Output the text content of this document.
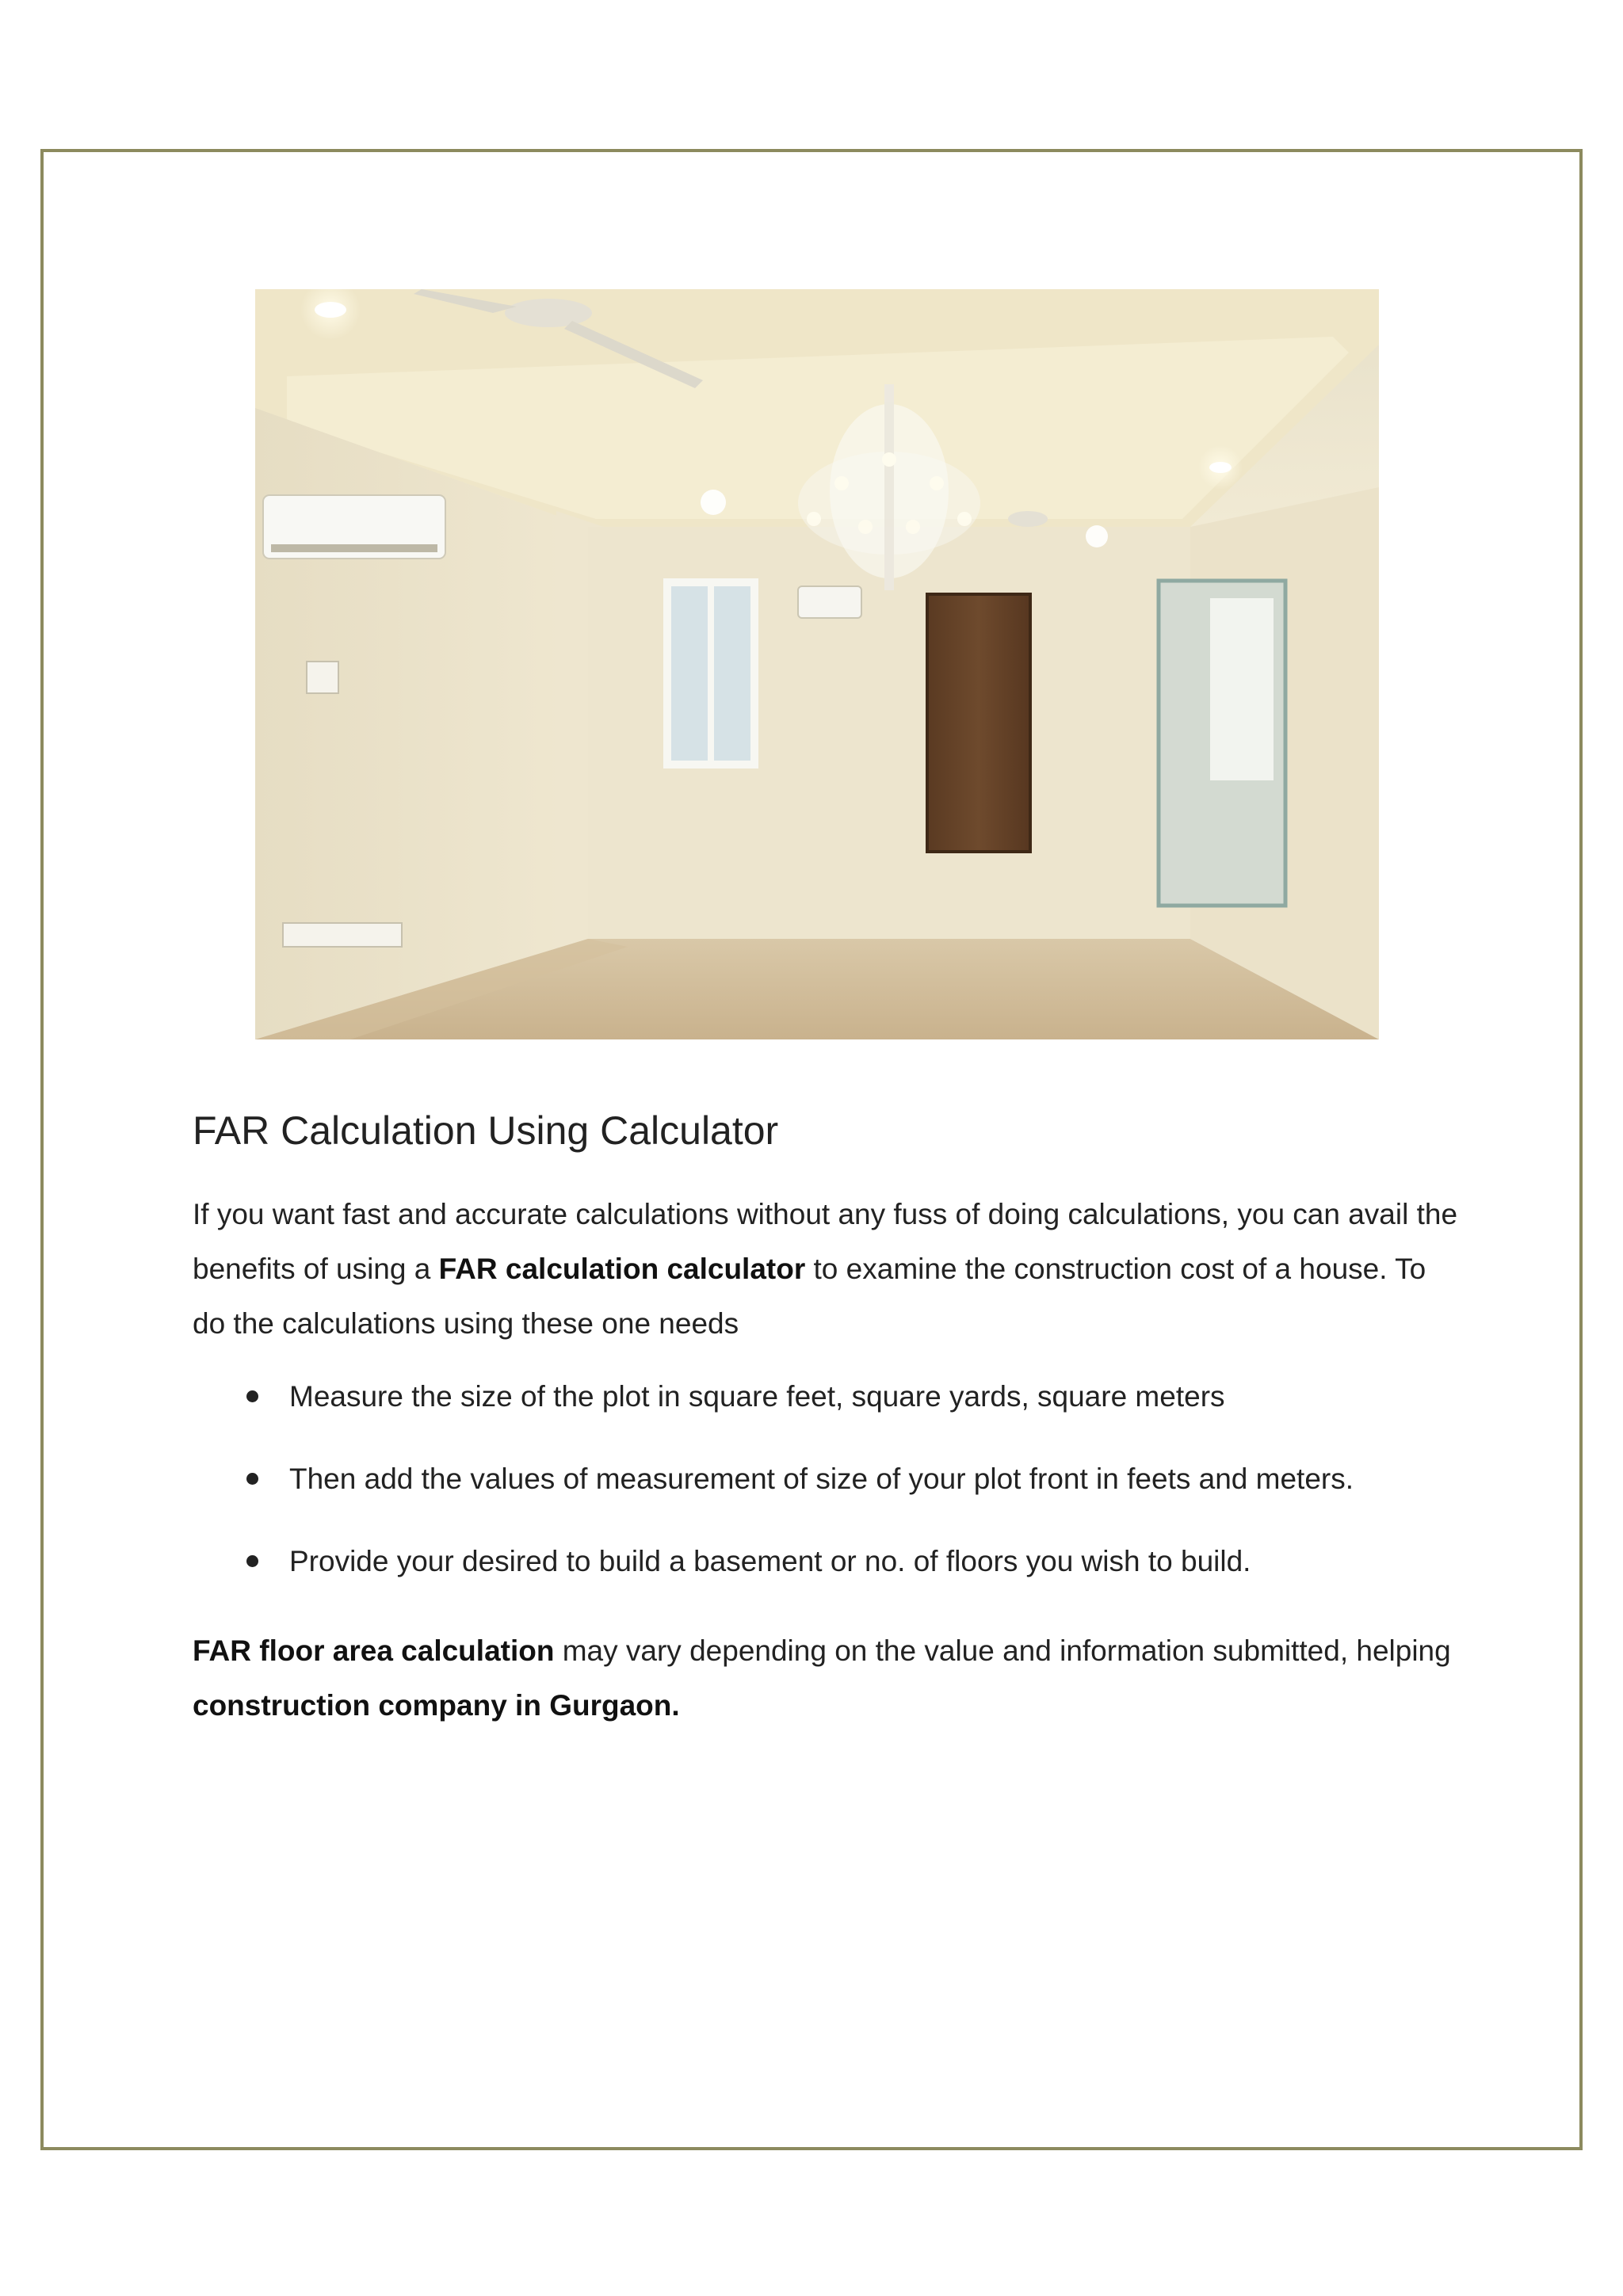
FAR Calculation Using Calculator

If you want fast and accurate calculations without any fuss of doing calculations, you can avail the benefits of using a FAR calculation calculator to examine the construction cost of a house. To do the calculations using these one needs

Measure the size of the plot in square feet, square yards, square meters
Then add the values of measurement of size of your plot front in feets and meters.
Provide your desired to build a basement or no. of floors you wish to build.

FAR floor area calculation may vary depending on the value and information submitted, helping construction company in Gurgaon.
